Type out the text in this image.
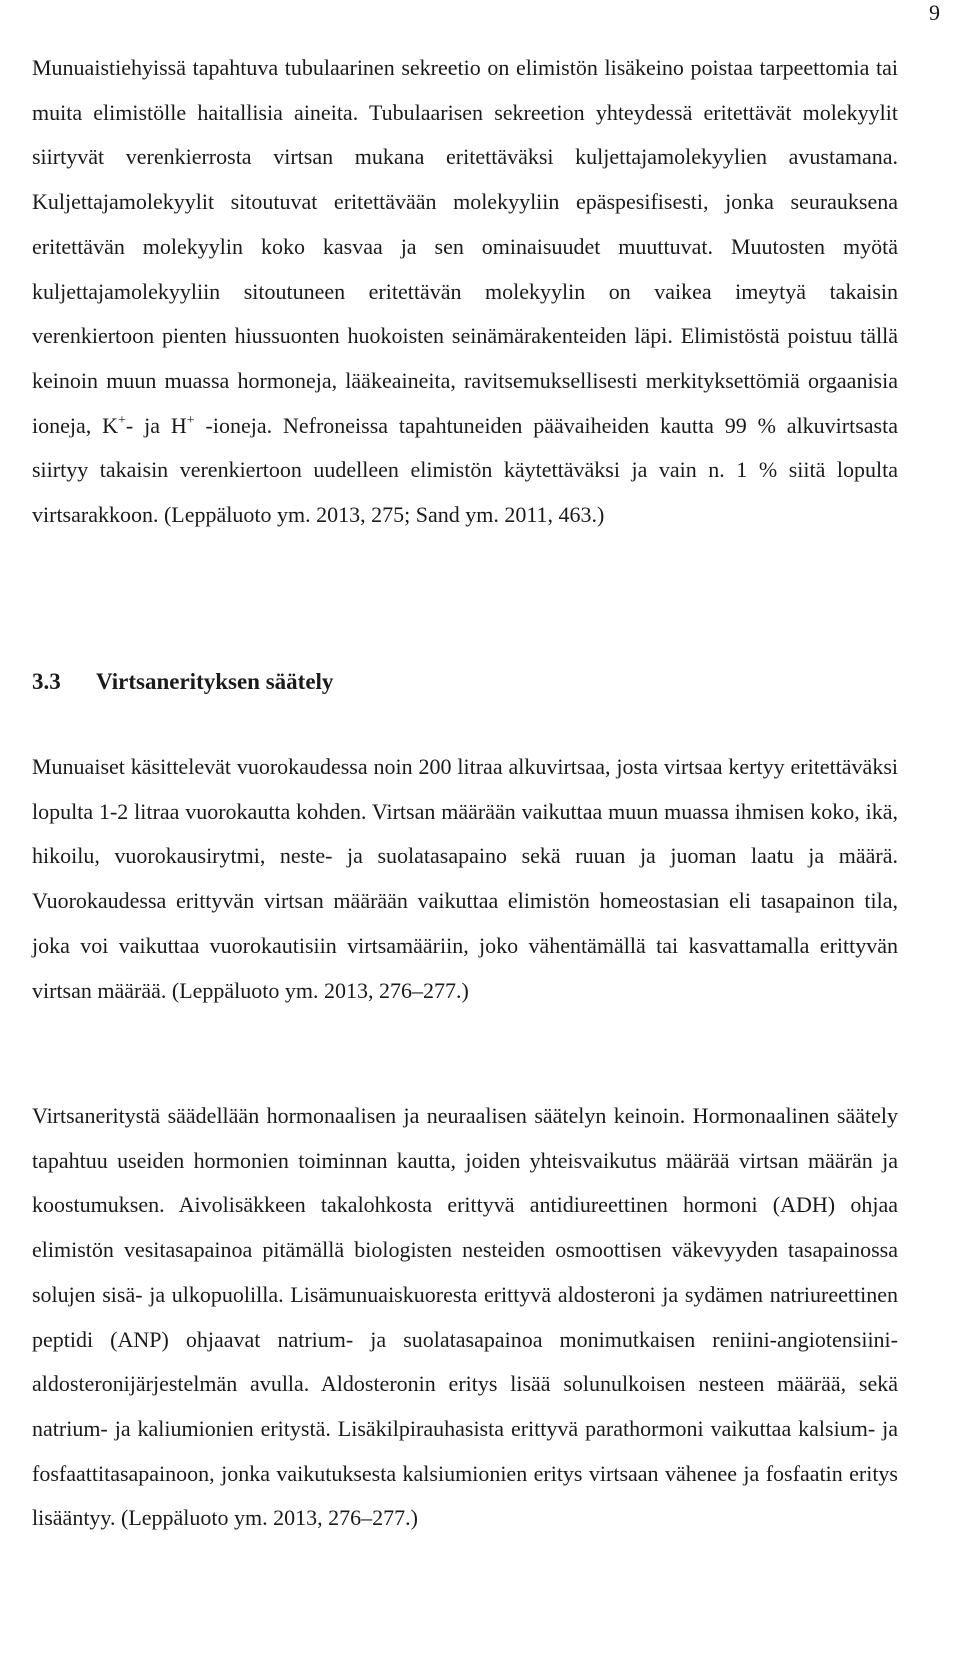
9

Munuaistiehyissä tapahtuva tubulaarinen sekreetio on elimistön lisäkeino poistaa tarpeettomia tai muita elimistölle haitallisia aineita. Tubulaarisen sekreetion yhteydessä eritettävät molekyylit siirtyvät verenkierrosta virtsan mukana eritettäväksi kuljettajamolekyylien avustamana. Kuljettajamolekyylit sitoutuvat eritettävään molekyyliin epäspesifisesti, jonka seurauksena eritettävän molekyylin koko kasvaa ja sen ominaisuudet muuttuvat. Muutosten myötä kuljettajamolekyyliin sitoutuneen eritettävän molekyylin on vaikea imeytyä takaisin verenkiertoon pienten hiussuonten huokoisten seinämärakenteiden läpi. Elimistöstä poistuu tällä keinoin muun muassa hormoneja, lääkeaineita, ravitsemuksellisesti merkityksettömiä orgaanisia ioneja, K+- ja H+ -ioneja. Nefroneissa tapahtuneiden päävaiheiden kautta 99 % alkuvirtsasta siirtyy takaisin verenkiertoon uudelleen elimistön käytettäväksi ja vain n. 1 % siitä lopulta virtsarakkoon. (Leppäluoto ym. 2013, 275; Sand ym. 2011, 463.)

3.3 Virtsanerityksen säätely

Munuaiset käsittelevät vuorokaudessa noin 200 litraa alkuvirtsaa, josta virtsaa kertyy eritettäväksi lopulta 1-2 litraa vuorokautta kohden. Virtsan määrään vaikuttaa muun muassa ihmisen koko, ikä, hikoilu, vuorokausirytmi, neste- ja suolatasapaino sekä ruuan ja juoman laatu ja määrä. Vuorokaudessa erittyvän virtsan määrään vaikuttaa elimistön homeostasian eli tasapainon tila, joka voi vaikuttaa vuorokautisiin virtsamääriin, joko vähentämällä tai kasvattamalla erittyvän virtsan määrää. (Leppäluoto ym. 2013, 276–277.)

Virtsaneritystä säädellään hormonaalisen ja neuraalisen säätelyn keinoin. Hormonaalinen säätely tapahtuu useiden hormonien toiminnan kautta, joiden yhteisvaikutus määrää virtsan määrän ja koostumuksen. Aivolisäkkeen takalohkosta erittyvä antidiureettinen hormoni (ADH) ohjaa elimistön vesitasapainoa pitämällä biologisten nesteiden osmoottisen väkevyyden tasapainossa solujen sisä- ja ulkopuolilla. Lisämunuaiskuoresta erittyvä aldosteroni ja sydämen natriureettinen peptidi (ANP) ohjaavat natrium- ja suolatasapainoa monimutkaisen reniini-angiotensiini-aldosteronijärjestelmän avulla. Aldosteronin eritys lisää solunulkoisen nesteen määrää, sekä natrium- ja kaliumionien eritystä. Lisäkilpirauhasista erittyvä parathormoni vaikuttaa kalsium- ja fosfaattitasapainoon, jonka vaikutuksesta kalsiumionien eritys virtsaan vähenee ja fosfaatin eritys lisääntyy. (Leppäluoto ym. 2013, 276–277.)
